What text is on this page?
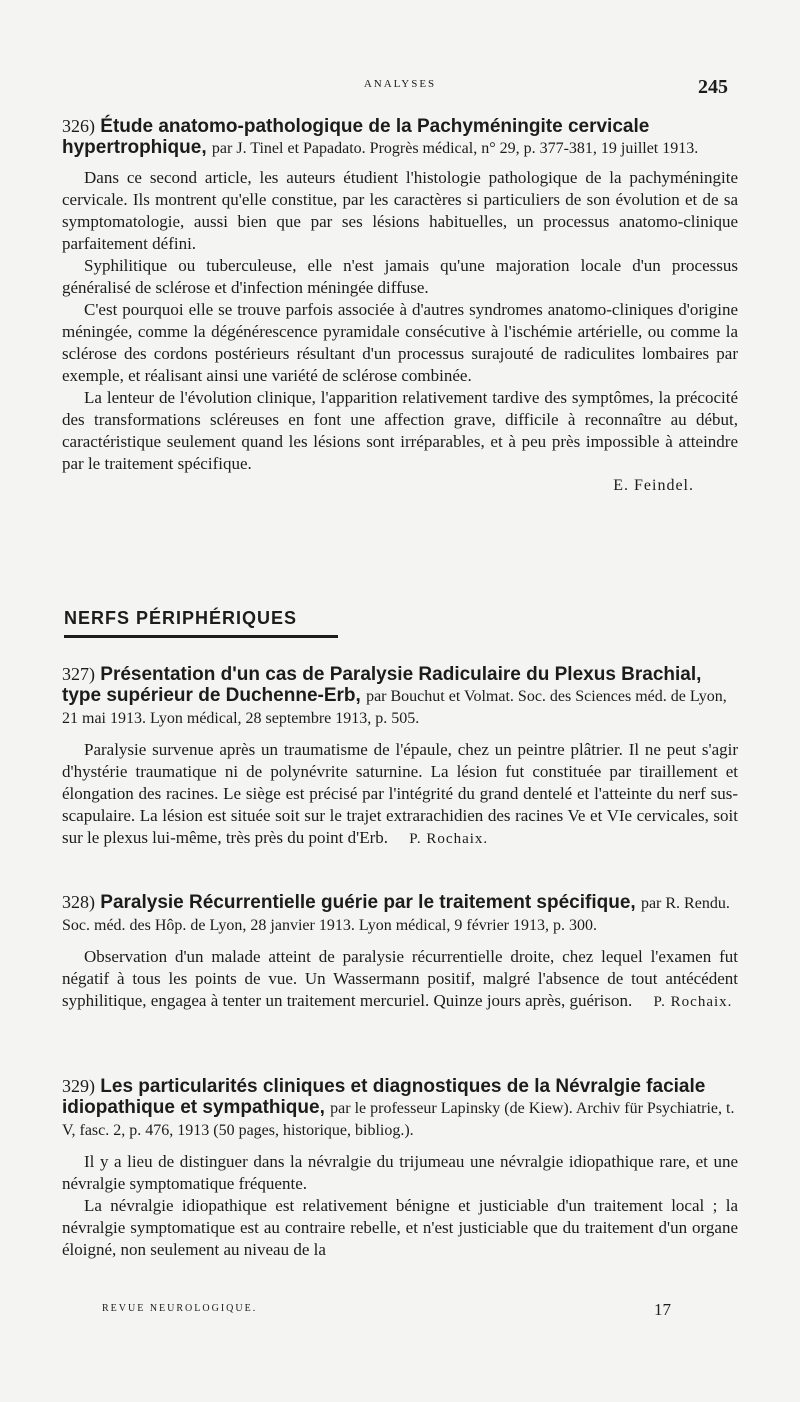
ANALYSES	245
326) Étude anatomo-pathologique de la Pachyméningite cervicale hypertrophique, par J. Tinel et Papadato. Progrès médical, n° 29, p. 377-381, 19 juillet 1913.

Dans ce second article, les auteurs étudient l'histologie pathologique de la pachyméningite cervicale. Ils montrent qu'elle constitue, par les caractères si particuliers de son évolution et de sa symptomatologie, aussi bien que par ses lésions habituelles, un processus anatomo-clinique parfaitement défini.

Syphilitique ou tuberculeuse, elle n'est jamais qu'une majoration locale d'un processus généralisé de sclérose et d'infection méningée diffuse.

C'est pourquoi elle se trouve parfois associée à d'autres syndromes anatomo-cliniques d'origine méningée, comme la dégénérescence pyramidale consécutive à l'ischémie artérielle, ou comme la sclérose des cordons postérieurs résultant d'un processus surajouté de radiculites lombaires par exemple, et réalisant ainsi une variété de sclérose combinée.

La lenteur de l'évolution clinique, l'apparition relativement tardive des symptômes, la précocité des transformations scléreuses en font une affection grave, difficile à reconnaître au début, caractéristique seulement quand les lésions sont irréparables, et à peu près impossible à atteindre par le traitement spécifique.

E. Feindel.
NERFS PÉRIPHÉRIQUES
327) Présentation d'un cas de Paralysie Radiculaire du Plexus Brachial, type supérieur de Duchenne-Erb, par Bouchut et Volmat. Soc. des Sciences méd. de Lyon, 21 mai 1913. Lyon médical, 28 septembre 1913, p. 505.

Paralysie survenue après un traumatisme de l'épaule, chez un peintre plâtrier. Il ne peut s'agir d'hystérie traumatique ni de polynévrite saturnine. La lésion fut constituée par tiraillement et élongation des racines. Le siège est précisé par l'intégrité du grand dentelé et l'atteinte du nerf sus-scapulaire. La lésion est située soit sur le trajet extrarachidien des racines Ve et VIe cervicales, soit sur le plexus lui-même, très près du point d'Erb. P. Rochaix.

328) Paralysie Récurrentielle guérie par le traitement spécifique, par R. Rendu. Soc. méd. des Hôp. de Lyon, 28 janvier 1913. Lyon médical, 9 février 1913, p. 300.

Observation d'un malade atteint de paralysie récurrentielle droite, chez lequel l'examen fut négatif à tous les points de vue. Un Wassermann positif, malgré l'absence de tout antécédent syphilitique, engagea à tenter un traitement mercuriel. Quinze jours après, guérison. P. Rochaix.

329) Les particularités cliniques et diagnostiques de la Névralgie faciale idiopathique et sympathique, par le professeur Lapinsky (de Kiew). Archiv für Psychiatrie, t. V, fasc. 2, p. 476, 1913 (50 pages, historique, bibliog.).

Il y a lieu de distinguer dans la névralgie du trijumeau une névralgie idiopathique rare, et une névralgie symptomatique fréquente.

La névralgie idiopathique est relativement bénigne et justiciable d'un traitement local ; la névralgie symptomatique est au contraire rebelle, et n'est justiciable que du traitement d'un organe éloigné, non seulement au niveau de la

REVUE NEUROLOGIQUE.	17
